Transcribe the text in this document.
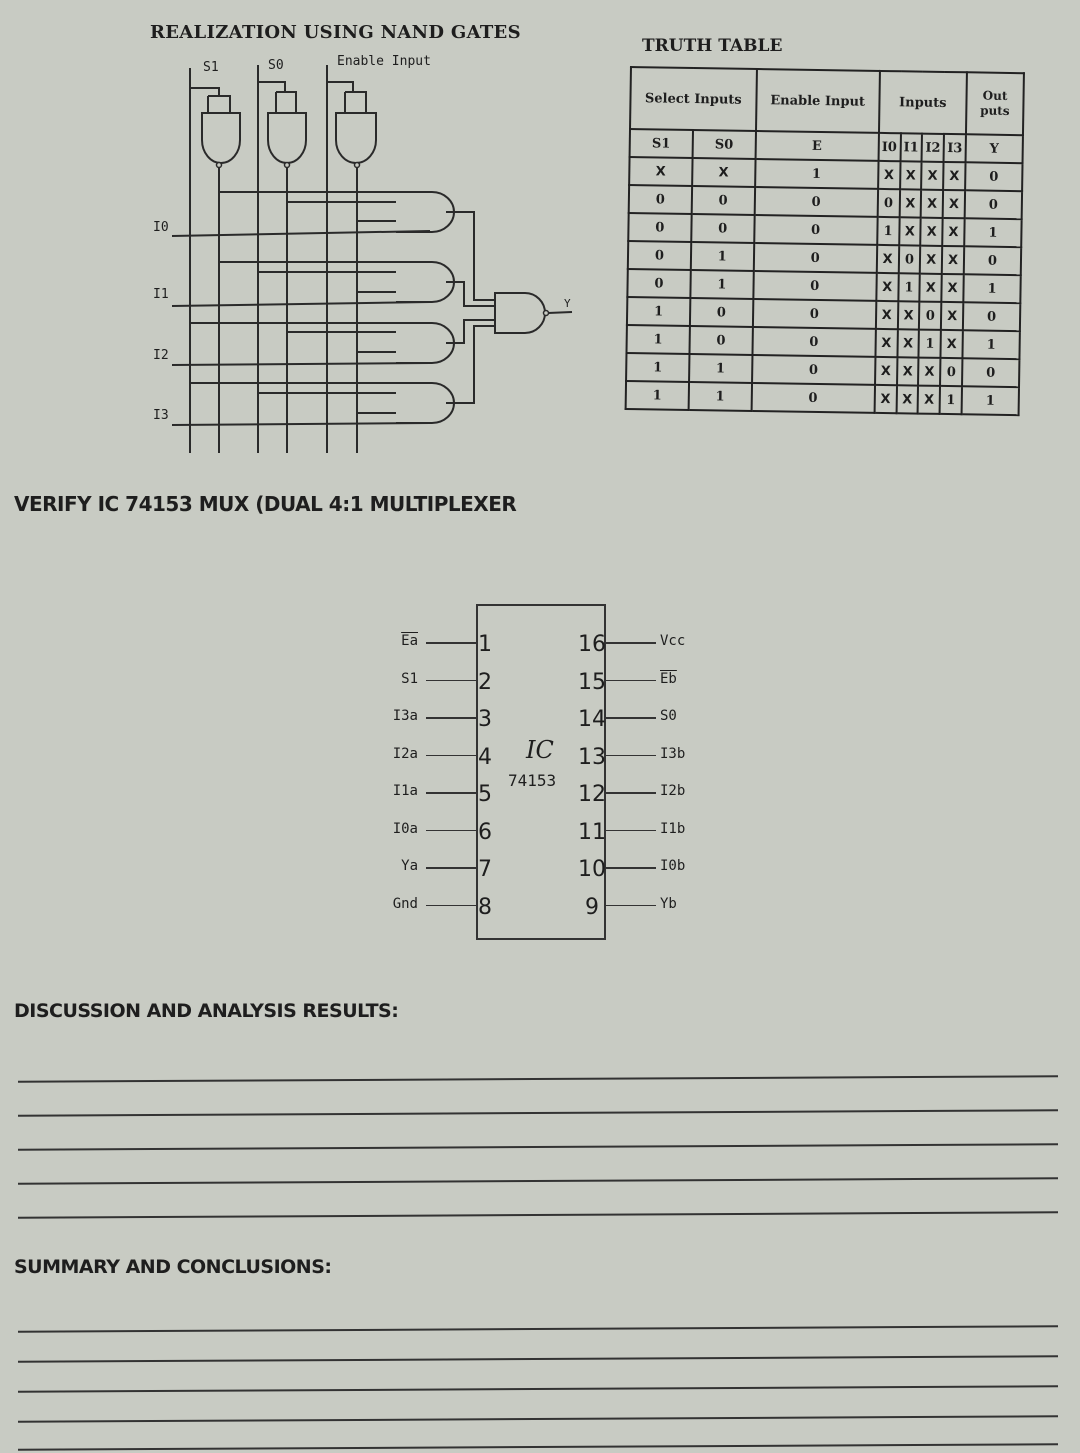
REALIZATION USING NAND GATES
S1	S0	Enable Input
I0
I1
I2
I3
Y
TRUTH TABLE
Select Inputs		Enable Input	Inputs				Out puts
S1	S0	E	I0	I1	I2	I3	Y
X	X	1	X	X	X	X	0
0	0	0	0	X	X	X	0
0	0	0	1	X	X	X	1
0	1	0	X	0	X	X	0
0	1	0	X	1	X	X	1
1	0	0	X	X	0	X	0
1	0	0	X	X	1	X	1
1	1	0	X	X	X	0	0
1	1	0	X	X	X	1	1
VERIFY IC 74153 MUX (DUAL 4:1 MULTIPLEXER
IC
74153
$\overline{Ea}$	1	16	Vcc
S1	2	15	$\overline{Eb}$
I3a	3	14	S0
I2a	4	13	I3b
I1a	5	12	I2b
I0a	6	11	I1b
Ya	7	10	I0b
Gnd	8	9	Yb
DISCUSSION AND ANALYSIS RESULTS:
SUMMARY AND CONCLUSIONS:
